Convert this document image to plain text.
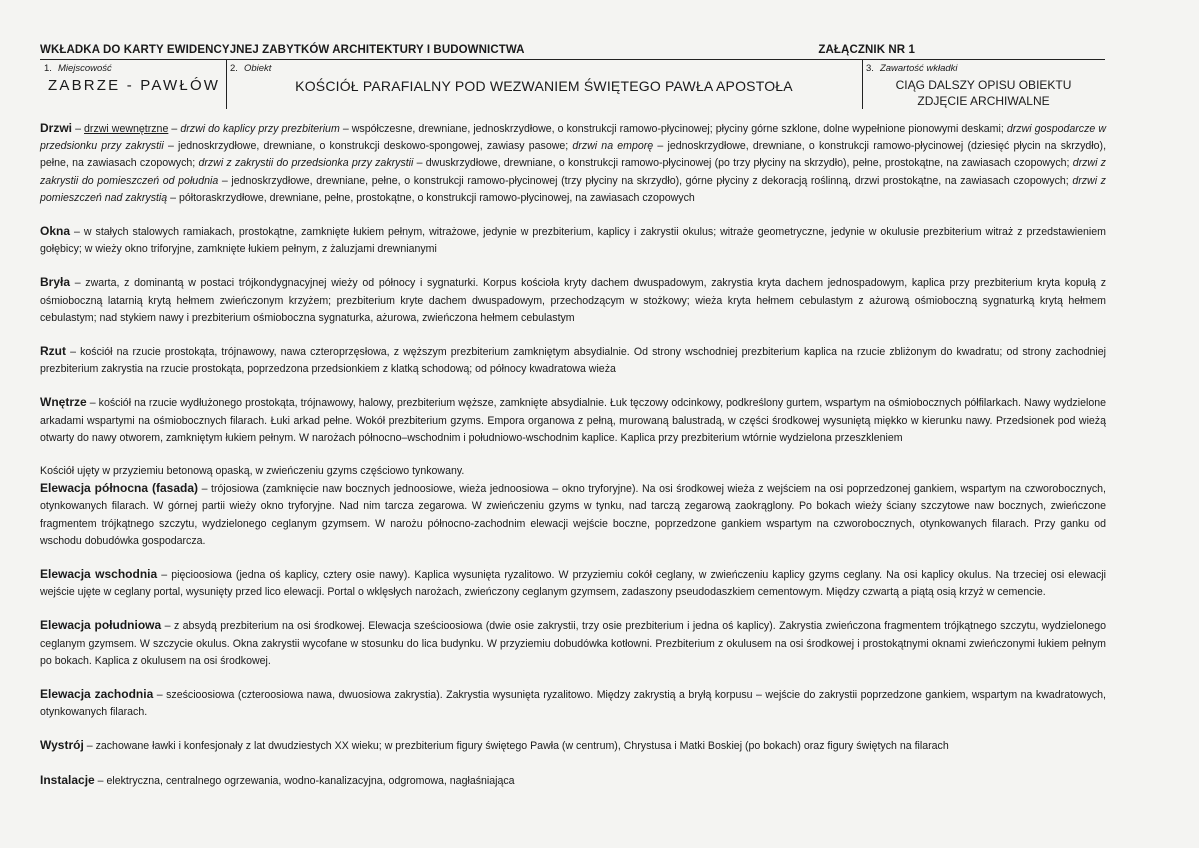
WKŁADKA DO KARTY EWIDENCYJNEJ ZABYTKÓW ARCHITEKTURY I BUDOWNICTWA	ZAŁĄCZNIK NR 1
1. Miejscowość
ZABRZE - PAWŁÓW
2. Obiekt
KOŚCIÓŁ PARAFIALNY POD WEZWANIEM ŚWIĘTEGO PAWŁA APOSTOŁA
3. Zawartość wkładki
CIĄG DALSZY OPISU OBIEKTU
ZDJĘCIE ARCHIWALNE

Drzwi – drzwi wewnętrzne – drzwi do kaplicy przy prezbiterium – współczesne, drewniane, jednoskrzydłowe, o konstrukcji ramowo-płycinowej; płyciny górne szklone, dolne wypełnione pionowymi deskami; drzwi gospodarcze w przedsionku przy zakrystii – jednoskrzydłowe, drewniane, o konstrukcji deskowo-spongowej, zawiasy pasowe; drzwi na emporę – jednoskrzydłowe, drewniane, o konstrukcji ramowo-płycinowej (dziesięć płycin na skrzydło), pełne, na zawiasach czopowych; drzwi z zakrystii do przedsionka przy zakrystii – dwuskrzydłowe, drewniane, o konstrukcji ramowo-płycinowej (po trzy płyciny na skrzydło), pełne, prostokątne, na zawiasach czopowych; drzwi z zakrystii do pomieszczeń od południa – jednoskrzydłowe, drewniane, pełne, o konstrukcji ramowo-płycinowej (trzy płyciny na skrzydło), górne płyciny z dekoracją roślinną, drzwi prostokątne, na zawiasach czopowych; drzwi z pomieszczeń nad zakrystią – półtoraskrzydłowe, drewniane, pełne, prostokątne, o konstrukcji ramowo-płycinowej, na zawiasach czopowych

Okna – w stałych stalowych ramiakach, prostokątne, zamknięte łukiem pełnym, witrażowe, jedynie w prezbiterium, kaplicy i zakrystii okulus; witraże geometryczne, jedynie w okulusie prezbiterium witraż z przedstawieniem gołębicy; w wieży okno triforyjne, zamknięte łukiem pełnym, z żaluzjami drewnianymi

Bryła – zwarta, z dominantą w postaci trójkondygnacyjnej wieży od północy i sygnaturki. Korpus kościoła kryty dachem dwuspadowym, zakrystia kryta dachem jednospadowym, kaplica przy prezbiterium kryta kopułą z ośmioboczną latarnią krytą hełmem zwieńczonym krzyżem; prezbiterium kryte dachem dwuspadowym, przechodzącym w stożkowy; wieża kryta hełmem cebulastym z ażurową ośmioboczną sygnaturką krytą hełmem cebulastym; nad stykiem nawy i prezbiterium ośmioboczna sygnaturka, ażurowa, zwieńczona hełmem cebulastym

Rzut – kościół na rzucie prostokąta, trójnawowy, nawa czteroprzęsłowa, z węższym prezbiterium zamkniętym absydialnie. Od strony wschodniej prezbiterium kaplica na rzucie zbliżonym do kwadratu; od strony zachodniej prezbiterium zakrystia na rzucie prostokąta, poprzedzona przedsionkiem z klatką schodową; od północy kwadratowa wieża

Wnętrze – kościół na rzucie wydłużonego prostokąta, trójnawowy, halowy, prezbiterium węższe, zamknięte absydialnie. Łuk tęczowy odcinkowy, podkreślony gurtem, wspartym na ośmiobocznych półfilarkach. Nawy wydzielone arkadami wspartymi na ośmiobocznych filarach. Łuki arkad pełne. Wokół prezbiterium gzyms. Empora organowa z pełną, murowaną balustradą, w części środkowej wysuniętą miękko w kierunku nawy. Przedsionek pod wieżą otwarty do nawy otworem, zamkniętym łukiem pełnym. W narożach północno–wschodnim i południowo-wschodnim kaplice. Kaplica przy prezbiterium wtórnie wydzielona przeszkleniem

Kościół ujęty w przyziemiu betonową opaską, w zwieńczeniu gzyms częściowo tynkowany.

Elewacja północna (fasada) – trójosiowa (zamknięcie naw bocznych jednoosiowe, wieża jednoosiowa – okno tryforyjne). Na osi środkowej wieża z wejściem na osi poprzedzonej gankiem, wspartym na czworobocznych, otynkowanych filarach. W górnej partii wieży okno tryforyjne. Nad nim tarcza zegarowa. W zwieńczeniu gzyms w tynku, nad tarczą zegarową zaokrąglony. Po bokach wieży ściany szczytowe naw bocznych, zwieńczone fragmentem trójkątnego szczytu, wydzielonego ceglanym gzymsem. W narożu północno-zachodnim elewacji wejście boczne, poprzedzone gankiem wspartym na czworobocznych, otynkowanych filarach. Przy ganku od wschodu dobudówka gospodarcza.

Elewacja wschodnia – pięcioosiowa (jedna oś kaplicy, cztery osie nawy). Kaplica wysunięta ryzalitowo. W przyziemiu cokół ceglany, w zwieńczeniu kaplicy gzyms ceglany. Na osi kaplicy okulus. Na trzeciej osi elewacji wejście ujęte w ceglany portal, wysunięty przed lico elewacji. Portal o wklęsłych narożach, zwieńczony ceglanym gzymsem, zadaszony pseudodaszkiem cementowym. Między czwartą a piątą osią krzyż w cemencie.

Elewacja południowa – z absydą prezbiterium na osi środkowej. Elewacja sześcioosiowa (dwie osie zakrystii, trzy osie prezbiterium i jedna oś kaplicy). Zakrystia zwieńczona fragmentem trójkątnego szczytu, wydzielonego ceglanym gzymsem. W szczycie okulus. Okna zakrystii wycofane w stosunku do lica budynku. W przyziemiu dobudówka kotłowni. Prezbiterium z okulusem na osi środkowej i prostokątnymi oknami zwieńczonymi łukiem pełnym po bokach. Kaplica z okulusem na osi środkowej.

Elewacja zachodnia – sześcioosiowa (czteroosiowa nawa, dwuosiowa zakrystia). Zakrystia wysunięta ryzalitowo. Między zakrystią a bryłą korpusu – wejście do zakrystii poprzedzone gankiem, wspartym na kwadratowych, otynkowanych filarach.

Wystrój – zachowane ławki i konfesjonały z lat dwudziestych XX wieku; w prezbiterium figury świętego Pawła (w centrum), Chrystusa i Matki Boskiej (po bokach) oraz figury świętych na filarach

Instalacje – elektryczna, centralnego ogrzewania, wodno-kanalizacyjna, odgromowa, nagłaśniająca
